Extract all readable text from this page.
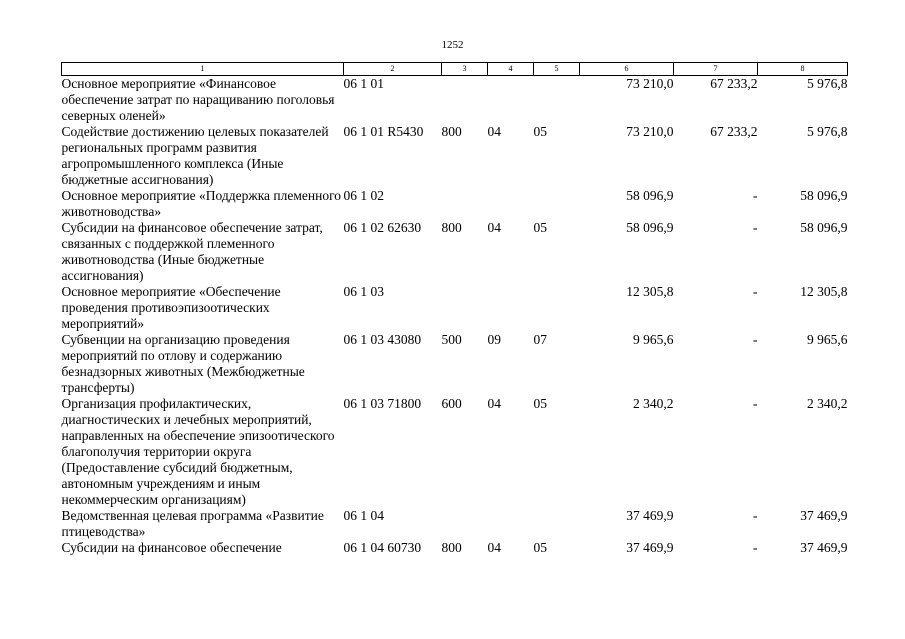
1252
1	2	3	4	5	6	7	8
Основное мероприятие «Финансовое обеспечение затрат по наращиванию поголовья северных оленей»	06 1 01				73 210,0	67 233,2	5 976,8
Содействие достижению целевых показателей региональных программ развития агропромышленного комплекса (Иные бюджетные ассигнования)	06 1 01 R5430	800	04	05	73 210,0	67 233,2	5 976,8
Основное мероприятие «Поддержка племенного животноводства»	06 1 02				58 096,9	-	58 096,9
Субсидии на финансовое обеспечение затрат, связанных с поддержкой племенного животноводства (Иные бюджетные ассигнования)	06 1 02 62630	800	04	05	58 096,9	-	58 096,9
Основное мероприятие «Обеспечение проведения противоэпизоотических мероприятий»	06 1 03				12 305,8	-	12 305,8
Субвенции на организацию проведения мероприятий по отлову и содержанию безнадзорных животных (Межбюджетные трансферты)	06 1 03 43080	500	09	07	9 965,6	-	9 965,6
Организация профилактических, диагностических и лечебных мероприятий, направленных на обеспечение эпизоотического благополучия территории округа (Предоставление субсидий бюджетным, автономным учреждениям и иным некоммерческим организациям)	06 1 03 71800	600	04	05	2 340,2	-	2 340,2
Ведомственная целевая программа «Развитие птицеводства»	06 1 04				37 469,9	-	37 469,9
Субсидии на финансовое обеспечение	06 1 04 60730	800	04	05	37 469,9	-	37 469,9
